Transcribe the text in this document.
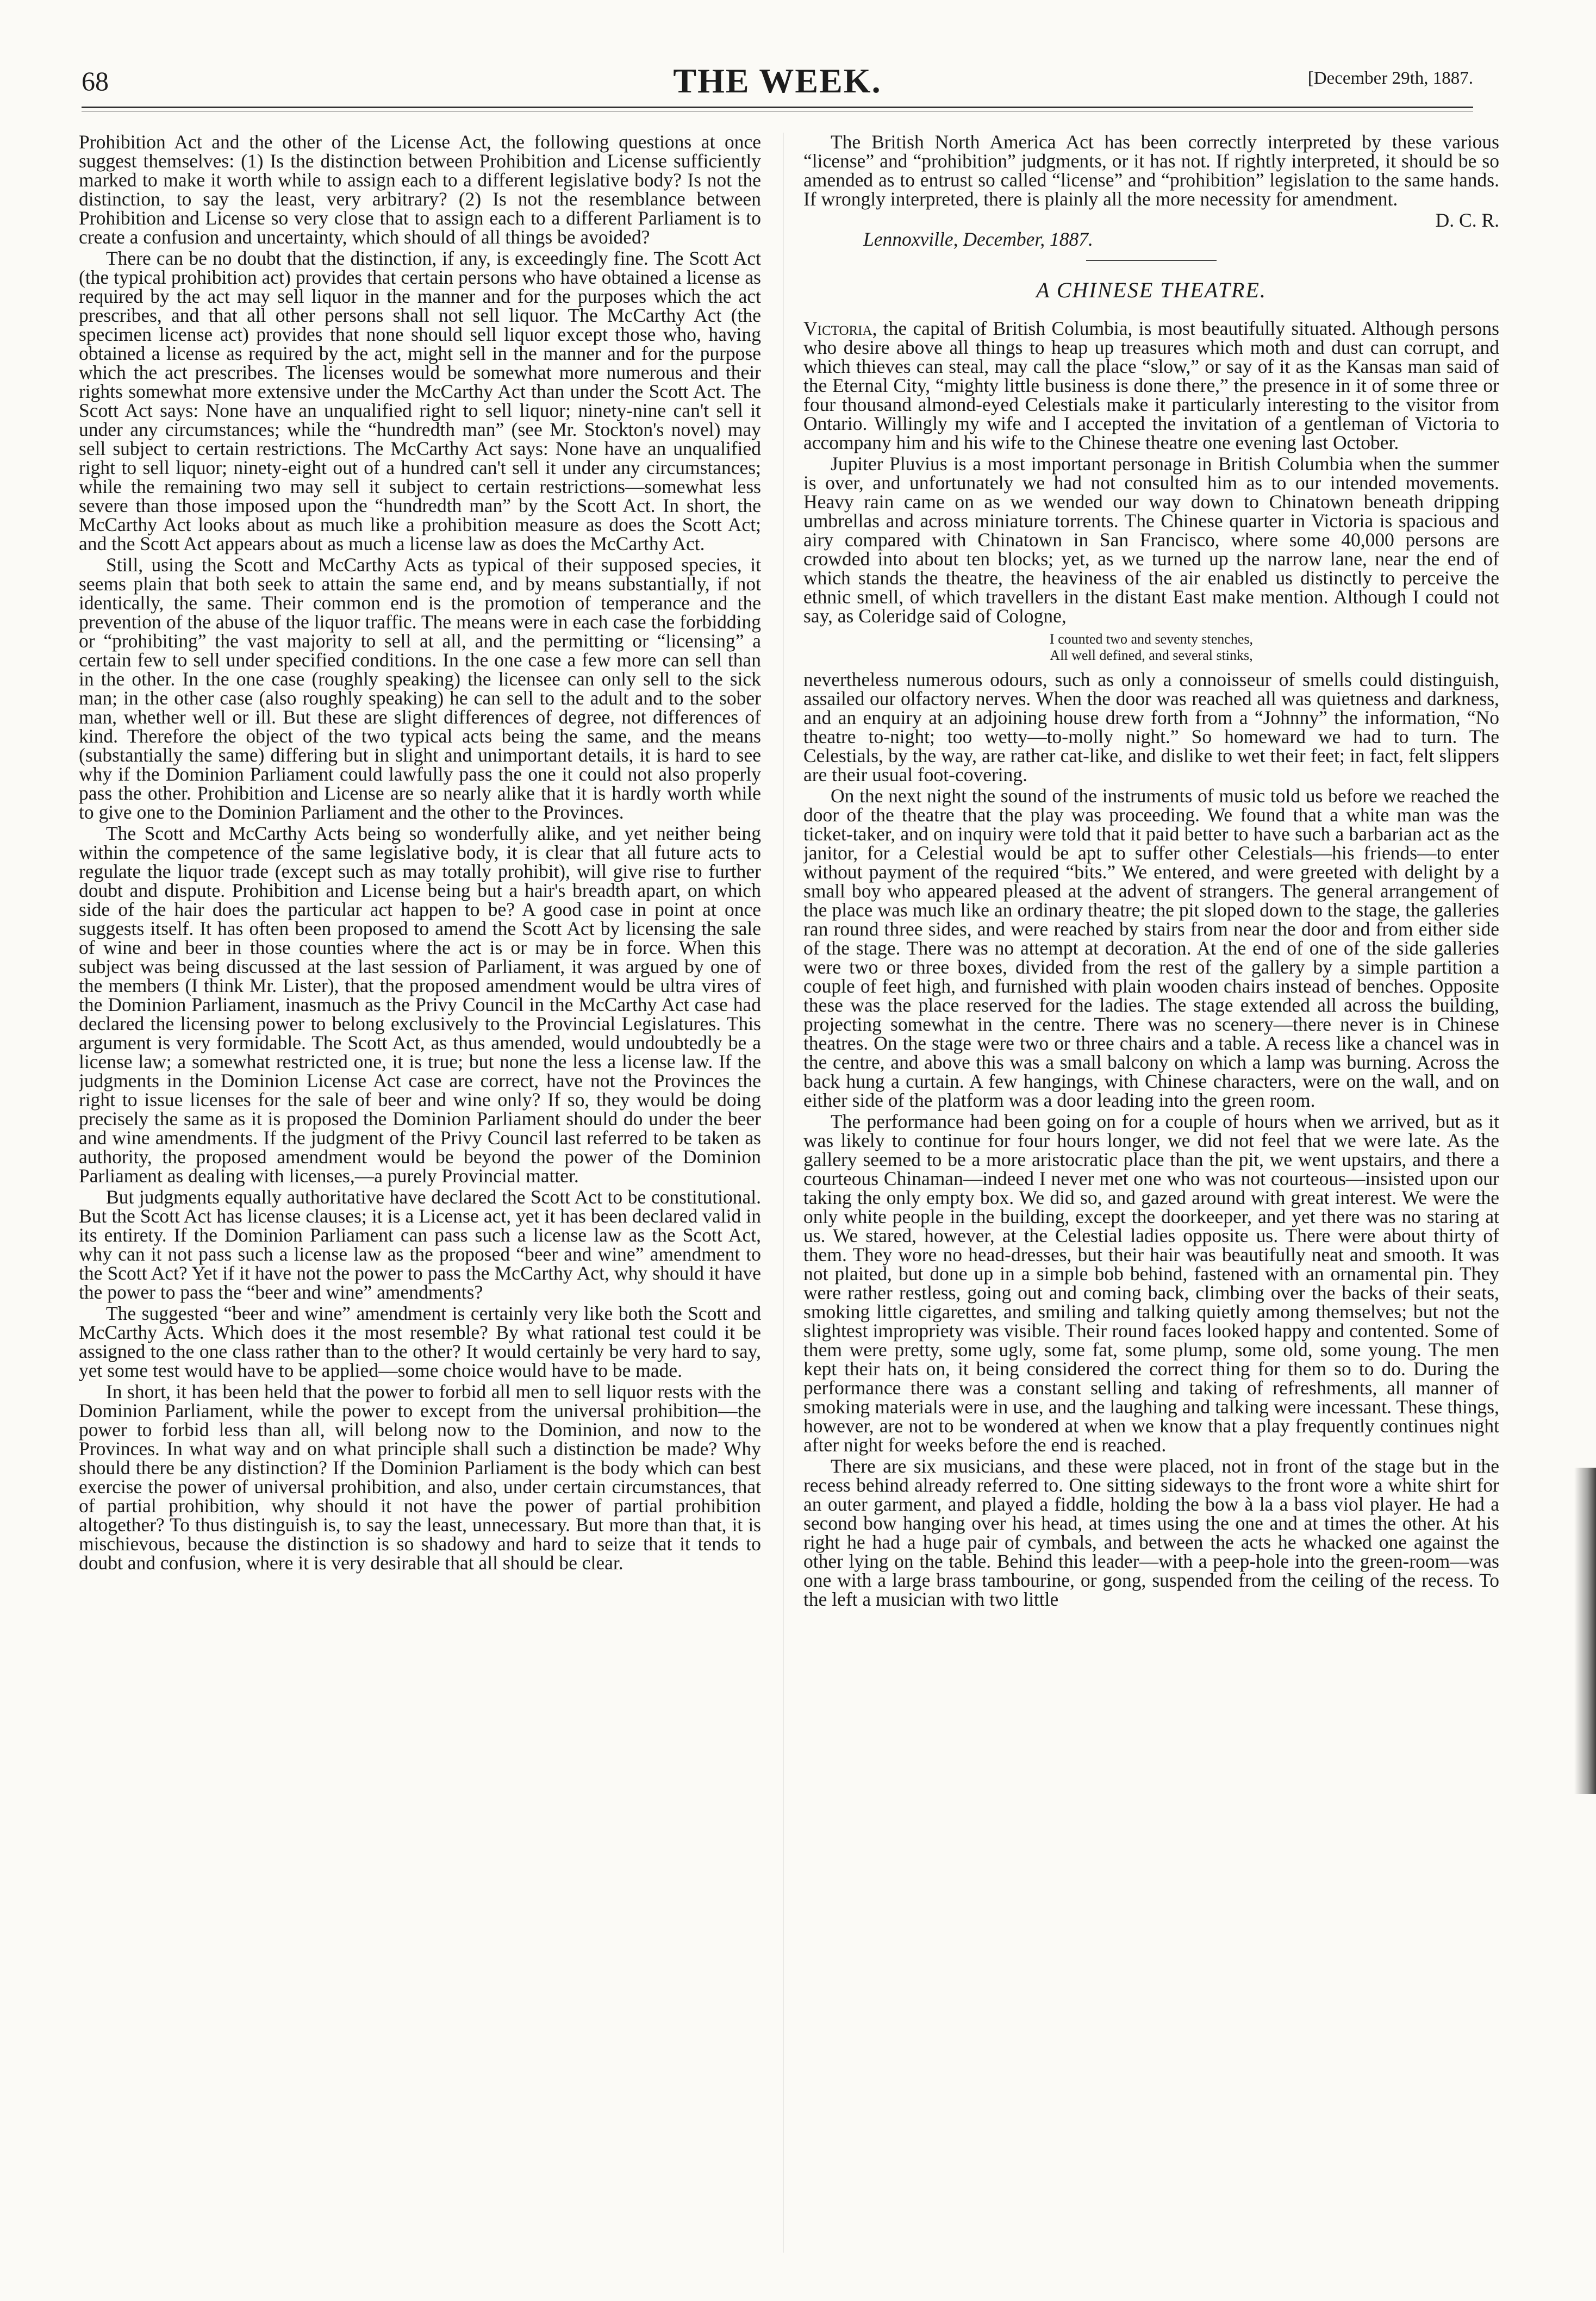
68	THE WEEK.	[December 29th, 1887.

Prohibition Act and the other of the License Act, the following questions at once suggest themselves: (1) Is the distinction between Prohibition and License sufficiently marked to make it worth while to assign each to a different legislative body? Is not the distinction, to say the least, very arbitrary? (2) Is not the resemblance between Prohibition and License so very close that to assign each to a different Parliament is to create a confusion and uncertainty, which should of all things be avoided?

There can be no doubt that the distinction, if any, is exceedingly fine. The Scott Act (the typical prohibition act) provides that certain persons who have obtained a license as required by the act may sell liquor in the manner and for the purposes which the act prescribes, and that all other persons shall not sell liquor. The McCarthy Act (the specimen license act) provides that none should sell liquor except those who, having obtained a license as required by the act, might sell in the manner and for the purpose which the act prescribes. The licenses would be somewhat more numerous and their rights somewhat more extensive under the McCarthy Act than under the Scott Act. The Scott Act says: None have an unqualified right to sell liquor; ninety-nine can't sell it under any circumstances; while the “hundredth man” (see Mr. Stockton's novel) may sell subject to certain restrictions. The McCarthy Act says: None have an unqualified right to sell liquor; ninety-eight out of a hundred can't sell it under any circumstances; while the remaining two may sell it subject to certain restrictions—somewhat less severe than those imposed upon the “hundredth man” by the Scott Act. In short, the McCarthy Act looks about as much like a prohibition measure as does the Scott Act; and the Scott Act appears about as much a license law as does the McCarthy Act.

Still, using the Scott and McCarthy Acts as typical of their supposed species, it seems plain that both seek to attain the same end, and by means substantially, if not identically, the same. Their common end is the promotion of temperance and the prevention of the abuse of the liquor traffic. The means were in each case the forbidding or “prohibiting” the vast majority to sell at all, and the permitting or “licensing” a certain few to sell under specified conditions. In the one case a few more can sell than in the other. In the one case (roughly speaking) the licensee can only sell to the sick man; in the other case (also roughly speaking) he can sell to the adult and to the sober man, whether well or ill. But these are slight differences of degree, not differences of kind. Therefore the object of the two typical acts being the same, and the means (substantially the same) differing but in slight and unimportant details, it is hard to see why if the Dominion Parliament could lawfully pass the one it could not also properly pass the other. Prohibition and License are so nearly alike that it is hardly worth while to give one to the Dominion Parliament and the other to the Provinces.

The Scott and McCarthy Acts being so wonderfully alike, and yet neither being within the competence of the same legislative body, it is clear that all future acts to regulate the liquor trade (except such as may totally prohibit), will give rise to further doubt and dispute. Prohibition and License being but a hair's breadth apart, on which side of the hair does the particular act happen to be? A good case in point at once suggests itself. It has often been proposed to amend the Scott Act by licensing the sale of wine and beer in those counties where the act is or may be in force. When this subject was being discussed at the last session of Parliament, it was argued by one of the members (I think Mr. Lister), that the proposed amendment would be ultra vires of the Dominion Parliament, inasmuch as the Privy Council in the McCarthy Act case had declared the licensing power to belong exclusively to the Provincial Legislatures. This argument is very formidable. The Scott Act, as thus amended, would undoubtedly be a license law; a somewhat restricted one, it is true; but none the less a license law. If the judgments in the Dominion License Act case are correct, have not the Provinces the right to issue licenses for the sale of beer and wine only? If so, they would be doing precisely the same as it is proposed the Dominion Parliament should do under the beer and wine amendments. If the judgment of the Privy Council last referred to be taken as authority, the proposed amendment would be beyond the power of the Dominion Parliament as dealing with licenses,—a purely Provincial matter.

But judgments equally authoritative have declared the Scott Act to be constitutional. But the Scott Act has license clauses; it is a License act, yet it has been declared valid in its entirety. If the Dominion Parliament can pass such a license law as the Scott Act, why can it not pass such a license law as the proposed “beer and wine” amendment to the Scott Act? Yet if it have not the power to pass the McCarthy Act, why should it have the power to pass the “beer and wine” amendments?

The suggested “beer and wine” amendment is certainly very like both the Scott and McCarthy Acts. Which does it the most resemble? By what rational test could it be assigned to the one class rather than to the other? It would certainly be very hard to say, yet some test would have to be applied—some choice would have to be made.

In short, it has been held that the power to forbid all men to sell liquor rests with the Dominion Parliament, while the power to except from the universal prohibition—the power to forbid less than all, will belong now to the Dominion, and now to the Provinces. In what way and on what principle shall such a distinction be made? Why should there be any distinction? If the Dominion Parliament is the body which can best exercise the power of universal prohibition, and also, under certain circumstances, that of partial prohibition, why should it not have the power of partial prohibition altogether? To thus distinguish is, to say the least, unnecessary. But more than that, it is mischievous, because the distinction is so shadowy and hard to seize that it tends to doubt and confusion, where it is very desirable that all should be clear.

The British North America Act has been correctly interpreted by these various “license” and “prohibition” judgments, or it has not. If rightly interpreted, it should be so amended as to entrust so called “license” and “prohibition” legislation to the same hands. If wrongly interpreted, there is plainly all the more necessity for amendment.

D. C. R.

Lennoxville, December, 1887.

A CHINESE THEATRE.

Victoria, the capital of British Columbia, is most beautifully situated. Although persons who desire above all things to heap up treasures which moth and dust can corrupt, and which thieves can steal, may call the place “slow,” or say of it as the Kansas man said of the Eternal City, “mighty little business is done there,” the presence in it of some three or four thousand almond-eyed Celestials make it particularly interesting to the visitor from Ontario. Willingly my wife and I accepted the invitation of a gentleman of Victoria to accompany him and his wife to the Chinese theatre one evening last October.

Jupiter Pluvius is a most important personage in British Columbia when the summer is over, and unfortunately we had not consulted him as to our intended movements. Heavy rain came on as we wended our way down to Chinatown beneath dripping umbrellas and across miniature torrents. The Chinese quarter in Victoria is spacious and airy compared with Chinatown in San Francisco, where some 40,000 persons are crowded into about ten blocks; yet, as we turned up the narrow lane, near the end of which stands the theatre, the heaviness of the air enabled us distinctly to perceive the ethnic smell, of which travellers in the distant East make mention. Although I could not say, as Coleridge said of Cologne,

I counted two and seventy stenches,
All well defined, and several stinks,

nevertheless numerous odours, such as only a connoisseur of smells could distinguish, assailed our olfactory nerves. When the door was reached all was quietness and darkness, and an enquiry at an adjoining house drew forth from a “Johnny” the information, “No theatre to-night; too wetty—to-molly night.” So homeward we had to turn. The Celestials, by the way, are rather cat-like, and dislike to wet their feet; in fact, felt slippers are their usual foot-covering.

On the next night the sound of the instruments of music told us before we reached the door of the theatre that the play was proceeding. We found that a white man was the ticket-taker, and on inquiry were told that it paid better to have such a barbarian act as the janitor, for a Celestial would be apt to suffer other Celestials—his friends—to enter without payment of the required “bits.” We entered, and were greeted with delight by a small boy who appeared pleased at the advent of strangers. The general arrangement of the place was much like an ordinary theatre; the pit sloped down to the stage, the galleries ran round three sides, and were reached by stairs from near the door and from either side of the stage. There was no attempt at decoration. At the end of one of the side galleries were two or three boxes, divided from the rest of the gallery by a simple partition a couple of feet high, and furnished with plain wooden chairs instead of benches. Opposite these was the place reserved for the ladies. The stage extended all across the building, projecting somewhat in the centre. There was no scenery—there never is in Chinese theatres. On the stage were two or three chairs and a table. A recess like a chancel was in the centre, and above this was a small balcony on which a lamp was burning. Across the back hung a curtain. A few hangings, with Chinese characters, were on the wall, and on either side of the platform was a door leading into the green room.

The performance had been going on for a couple of hours when we arrived, but as it was likely to continue for four hours longer, we did not feel that we were late. As the gallery seemed to be a more aristocratic place than the pit, we went upstairs, and there a courteous Chinaman—indeed I never met one who was not courteous—insisted upon our taking the only empty box. We did so, and gazed around with great interest. We were the only white people in the building, except the doorkeeper, and yet there was no staring at us. We stared, however, at the Celestial ladies opposite us. There were about thirty of them. They wore no head-dresses, but their hair was beautifully neat and smooth. It was not plaited, but done up in a simple bob behind, fastened with an ornamental pin. They were rather restless, going out and coming back, climbing over the backs of their seats, smoking little cigarettes, and smiling and talking quietly among themselves; but not the slightest impropriety was visible. Their round faces looked happy and contented. Some of them were pretty, some ugly, some fat, some plump, some old, some young. The men kept their hats on, it being considered the correct thing for them so to do. During the performance there was a constant selling and taking of refreshments, all manner of smoking materials were in use, and the laughing and talking were incessant. These things, however, are not to be wondered at when we know that a play frequently continues night after night for weeks before the end is reached.

There are six musicians, and these were placed, not in front of the stage but in the recess behind already referred to. One sitting sideways to the front wore a white shirt for an outer garment, and played a fiddle, holding the bow à la a bass viol player. He had a second bow hanging over his head, at times using the one and at times the other. At his right he had a huge pair of cymbals, and between the acts he whacked one against the other lying on the table. Behind this leader—with a peep-hole into the green-room—was one with a large brass tambourine, or gong, suspended from the ceiling of the recess. To the left a musician with two little
